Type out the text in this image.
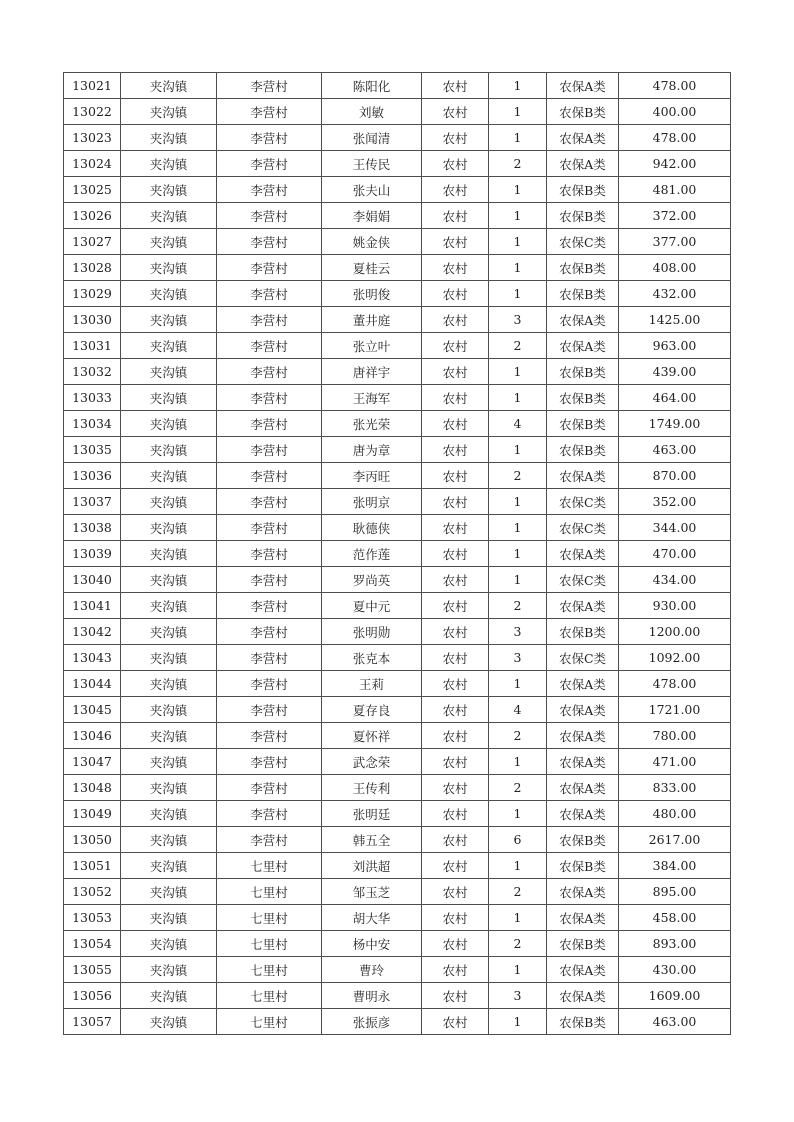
13021	夹沟镇	李营村	陈阳化	农村	1	农保A类	478.00
13022	夹沟镇	李营村	刘敏	农村	1	农保B类	400.00
13023	夹沟镇	李营村	张闻清	农村	1	农保A类	478.00
13024	夹沟镇	李营村	王传民	农村	2	农保A类	942.00
13025	夹沟镇	李营村	张夫山	农村	1	农保B类	481.00
13026	夹沟镇	李营村	李娟娟	农村	1	农保B类	372.00
13027	夹沟镇	李营村	姚金侠	农村	1	农保C类	377.00
13028	夹沟镇	李营村	夏桂云	农村	1	农保B类	408.00
13029	夹沟镇	李营村	张明俊	农村	1	农保B类	432.00
13030	夹沟镇	李营村	董井庭	农村	3	农保A类	1425.00
13031	夹沟镇	李营村	张立叶	农村	2	农保A类	963.00
13032	夹沟镇	李营村	唐祥宇	农村	1	农保B类	439.00
13033	夹沟镇	李营村	王海军	农村	1	农保B类	464.00
13034	夹沟镇	李营村	张光荣	农村	4	农保B类	1749.00
13035	夹沟镇	李营村	唐为章	农村	1	农保B类	463.00
13036	夹沟镇	李营村	李丙旺	农村	2	农保A类	870.00
13037	夹沟镇	李营村	张明京	农村	1	农保C类	352.00
13038	夹沟镇	李营村	耿德侠	农村	1	农保C类	344.00
13039	夹沟镇	李营村	范作莲	农村	1	农保A类	470.00
13040	夹沟镇	李营村	罗尚英	农村	1	农保C类	434.00
13041	夹沟镇	李营村	夏中元	农村	2	农保A类	930.00
13042	夹沟镇	李营村	张明勋	农村	3	农保B类	1200.00
13043	夹沟镇	李营村	张克本	农村	3	农保C类	1092.00
13044	夹沟镇	李营村	王莉	农村	1	农保A类	478.00
13045	夹沟镇	李营村	夏存良	农村	4	农保A类	1721.00
13046	夹沟镇	李营村	夏怀祥	农村	2	农保A类	780.00
13047	夹沟镇	李营村	武念荣	农村	1	农保A类	471.00
13048	夹沟镇	李营村	王传利	农村	2	农保A类	833.00
13049	夹沟镇	李营村	张明廷	农村	1	农保A类	480.00
13050	夹沟镇	李营村	韩五全	农村	6	农保B类	2617.00
13051	夹沟镇	七里村	刘洪超	农村	1	农保B类	384.00
13052	夹沟镇	七里村	邹玉芝	农村	2	农保A类	895.00
13053	夹沟镇	七里村	胡大华	农村	1	农保A类	458.00
13054	夹沟镇	七里村	杨中安	农村	2	农保B类	893.00
13055	夹沟镇	七里村	曹玲	农村	1	农保A类	430.00
13056	夹沟镇	七里村	曹明永	农村	3	农保A类	1609.00
13057	夹沟镇	七里村	张振彦	农村	1	农保B类	463.00
